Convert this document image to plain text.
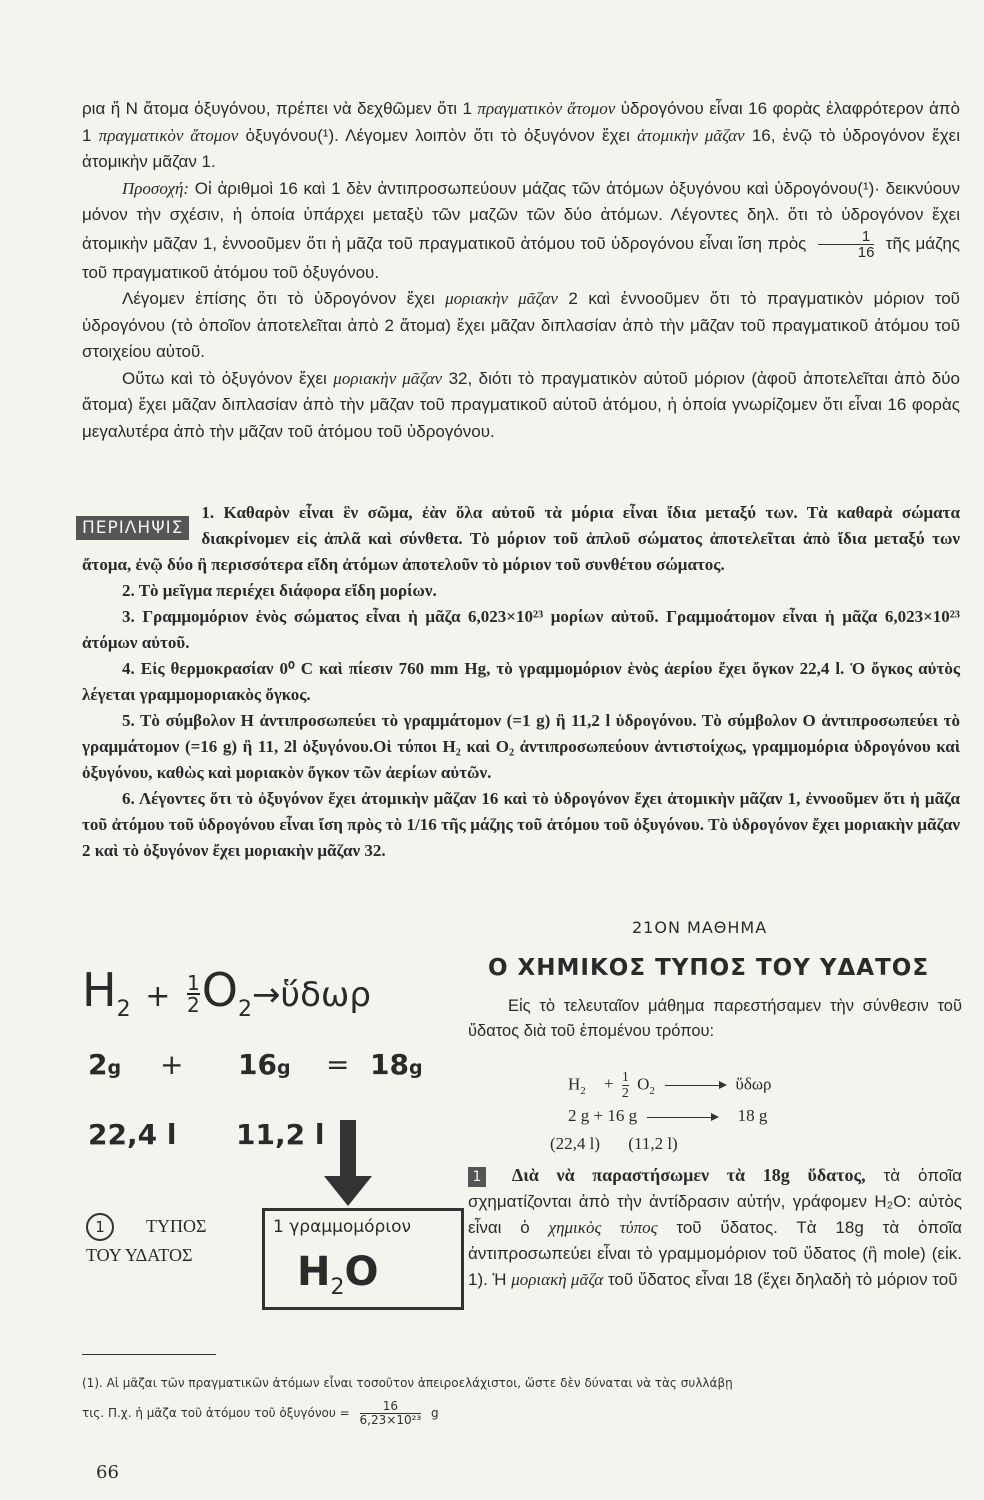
ρια ἤ Ν ἄτομα ὀξυγόνου, πρέπει νὰ δεχθῶμεν ὅτι 1 πραγματικὸν ἄτομον ὑδρογόνου εἶναι 16 φορὰς ἐλαφρότερον ἀπὸ 1 πραγματικὸν ἄτομον ὀξυγόνου(¹). Λέγομεν λοιπὸν ὅτι τὸ ὀξυγόνον ἔχει ἀτομικὴν μᾶζαν 16, ἐνῷ τὸ ὑδρογόνον ἔχει ἀτομικὴν μᾶζαν 1.

Προσοχή: Οἱ ἀριθμοὶ 16 καὶ 1 δὲν ἀντιπροσωπεύουν μάζας τῶν ἀτόμων ὀξυγόνου καὶ ὑδρογόνου(¹)· δεικνύουν μόνον τὴν σχέσιν, ἡ ὁποία ὑπάρχει μεταξὺ τῶν μαζῶν τῶν δύο ἀτόμων. Λέγοντες δηλ. ὅτι τὸ ὑδρογόνον ἔχει ἀτομικὴν μᾶζαν 1, ἐννοοῦμεν ὅτι ἡ μᾶζα τοῦ πραγματικοῦ ἀτόμου τοῦ ὑδρογόνου εἶναι ἴση πρὸς $\frac{1}{16}$ τῆς μάζης τοῦ πραγματικοῦ ἀτόμου τοῦ ὀξυγόνου.

Λέγομεν ἐπίσης ὅτι τὸ ὑδρογόνον ἔχει μοριακὴν μᾶζαν 2 καὶ ἐννοοῦμεν ὅτι τὸ πραγματικὸν μόριον τοῦ ὑδρογόνου (τὸ ὁποῖον ἀποτελεῖται ἀπὸ 2 ἄτομα) ἔχει μᾶζαν διπλασίαν ἀπὸ τὴν μᾶζαν τοῦ πραγματικοῦ ἀτόμου τοῦ στοιχείου αὐτοῦ.

Οὕτω καὶ τὸ ὀξυγόνον ἔχει μοριακὴν μᾶζαν 32, διότι τὸ πραγματικὸν αὐτοῦ μόριον (ἀφοῦ ἀποτελεῖται ἀπὸ δύο ἄτομα) ἔχει μᾶζαν διπλασίαν ἀπὸ τὴν μᾶζαν τοῦ πραγματικοῦ αὐτοῦ ἀτόμου, ἡ ὁποία γνωρίζομεν ὅτι εἶναι 16 φορὰς μεγαλυτέρα ἀπὸ τὴν μᾶζαν τοῦ ἀτόμου τοῦ ὑδρογόνου.

ΠΕΡΙΛΗΨΙΣ

1. Καθαρὸν εἶναι ἓν σῶμα, ἐὰν ὅλα αὐτοῦ τὰ μόρια εἶναι ἴδια μεταξύ των. Τὰ καθαρὰ σώματα διακρίνομεν εἰς ἁπλᾶ καὶ σύνθετα. Τὸ μόριον τοῦ ἁπλοῦ σώματος ἀποτελεῖται ἀπὸ ἴδια μεταξύ των ἄτομα, ἐνῷ δύο ἢ περισσότερα εἴδη ἀτόμων ἀποτελοῦν τὸ μόριον τοῦ συνθέτου σώματος.

2. Τὸ μεῖγμα περιέχει διάφορα εἴδη μορίων.

3. Γραμμομόριον ἑνὸς σώματος εἶναι ἡ μᾶζα 6,023×10²³ μορίων αὐτοῦ. Γραμμοάτομον εἶναι ἡ μᾶζα 6,023×10²³ ἀτόμων αὐτοῦ.

4. Εἰς θερμοκρασίαν 0⁰ C καὶ πίεσιν 760 mm Hg, τὸ γραμμομόριον ἑνὸς ἀερίου ἔχει ὄγκον 22,4 l. Ὁ ὄγκος αὐτὸς λέγεται γραμμομοριακὸς ὄγκος.

5. Τὸ σύμβολον Η ἀντιπροσωπεύει τὸ γραμμάτομον (=1 g) ἢ 11,2 l ὑδρογόνου. Τὸ σύμβολον Ο ἀντιπροσωπεύει τὸ γραμμάτομον (=16 g) ἢ 11, 2l ὀξυγόνου.Οἱ τύποι Η₂ καὶ Ο₂ ἀντιπροσωπεύουν ἀντιστοίχως, γραμμομόρια ὑδρογόνου καὶ ὀξυγόνου, καθὼς καὶ μοριακὸν ὄγκον τῶν ἀερίων αὐτῶν.

6. Λέγοντες ὅτι τὸ ὀξυγόνον ἔχει ἀτομικὴν μᾶζαν 16 καὶ τὸ ὑδρογόνον ἔχει ἀτομικὴν μᾶζαν 1, ἐννοοῦμεν ὅτι ἡ μᾶζα τοῦ ἀτόμου τοῦ ὑδρογόνου εἶναι ἴση πρὸς τὸ 1/16 τῆς μάζης τοῦ ἀτόμου τοῦ ὀξυγόνου. Τὸ ὑδρογόνον ἔχει μοριακὴν μᾶζαν 2 καὶ τὸ ὀξυγόνον ἔχει μοριακὴν μᾶζαν 32.

21ΟΝ ΜΑΘΗΜΑ
Ο ΧΗΜΙΚΟΣ ΤΥΠΟΣ ΤΟΥ ΥΔΑΤΟΣ
$H_2 + \frac{1}{2}$ $O_2\to ὕ\delta\omega\rho$
2g + 16g = 18g
22,4 l 11,2 l
1 γραμμομόριον
$H_2O$
1 ΤΥΠΟΣ
ΤΟΥ ΥΔΑΤΟΣ

Εἰς τὸ τελευταῖον μάθημα παρεστήσαμεν τὴν σύνθεσιν τοῦ ὕδατος διὰ τοῦ ἑπομένου τρόπου:

$H_2 + \frac{1}{2} O_2$ → ὕδωρ
2 g + 16 g	18 g
(22,4 l) (11,2 l)

1 Διὰ νὰ παραστήσωμεν τὰ 18g ὕδατος, τὰ ὁποῖα σχηματίζονται ἀπὸ τὴν ἀντίδρασιν αὐτήν, γράφομεν H₂O: αὐτὸς εἶναι ὁ χημικὸς τύπος τοῦ ὕδατος. Τὰ 18g τὰ ὁποῖα ἀντιπροσωπεύει εἶναι τὸ γραμμομόριον τοῦ ὕδατος (ἢ mole) (εἰκ. 1). Ἡ μοριακὴ μᾶζα τοῦ ὕδατος εἶναι 18 (ἔχει δηλαδὴ τὸ μόριον τοῦ

(1). Αἱ μᾶζαι τῶν πραγματικῶν ἀτόμων εἶναι τοσοῦτον ἀπειροελάχιστοι, ὥστε δὲν δύναται νὰ τὰς συλλάβῃ
τις. Π.χ. ἡ μᾶζα τοῦ ἀτόμου τοῦ ὀξυγόνου = $\frac{16}{\text{6,23×10²³}}$ g
66
